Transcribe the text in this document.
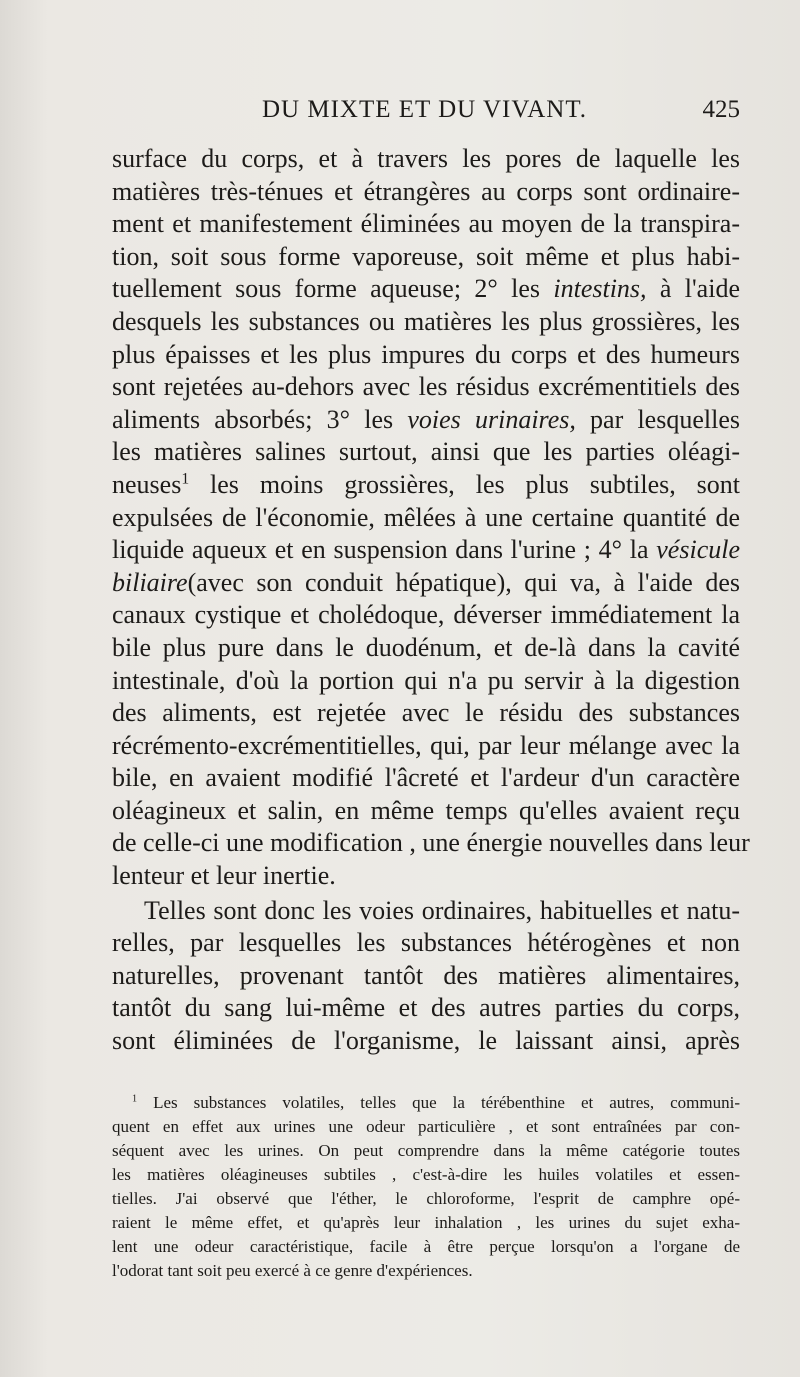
DU MIXTE ET DU VIVANT.	425
surface du corps, et à travers les pores de laquelle les
matières très-ténues et étrangères au corps sont ordinaire-
ment et manifestement éliminées au moyen de la transpira-
tion, soit sous forme vaporeuse, soit même et plus habi-
tuellement sous forme aqueuse; 2° les intestins, à l'aide
desquels les substances ou matières les plus grossières, les
plus épaisses et les plus impures du corps et des humeurs
sont rejetées au-dehors avec les résidus excrémentitiels des
aliments absorbés; 3° les voies urinaires, par lesquelles
les matières salines surtout, ainsi que les parties oléagi-
neuses$^1$ les moins grossières, les plus subtiles, sont
expulsées de l'économie, mêlées à une certaine quantité de
liquide aqueux et en suspension dans l'urine ; 4° la vésicule
biliaire(avec son conduit hépatique), qui va, à l'aide des
canaux cystique et cholédoque, déverser immédiatement la
bile plus pure dans le duodénum, et de-là dans la cavité
intestinale, d'où la portion qui n'a pu servir à la digestion
des aliments, est rejetée avec le résidu des substances
récrémento-excrémentitielles, qui, par leur mélange avec la
bile, en avaient modifié l'âcreté et l'ardeur d'un caractère
oléagineux et salin, en même temps qu'elles avaient reçu
de celle-ci une modification , une énergie nouvelles dans leur
lenteur et leur inertie.
Telles sont donc les voies ordinaires, habituelles et natu-
relles, par lesquelles les substances hétérogènes et non
naturelles, provenant tantôt des matières alimentaires,
tantôt du sang lui-même et des autres parties du corps,
sont éliminées de l'organisme, le laissant ainsi, après
$^1$ Les substances volatiles, telles que la térébenthine et autres, communi-
quent en effet aux urines une odeur particulière , et sont entraînées par con-
séquent avec les urines. On peut comprendre dans la même catégorie toutes
les matières oléagineuses subtiles , c'est-à-dire les huiles volatiles et essen-
tielles. J'ai observé que l'éther, le chloroforme, l'esprit de camphre opé-
raient le même effet, et qu'après leur inhalation , les urines du sujet exha-
lent une odeur caractéristique, facile à être perçue lorsqu'on a l'organe de
l'odorat tant soit peu exercé à ce genre d'expériences.
